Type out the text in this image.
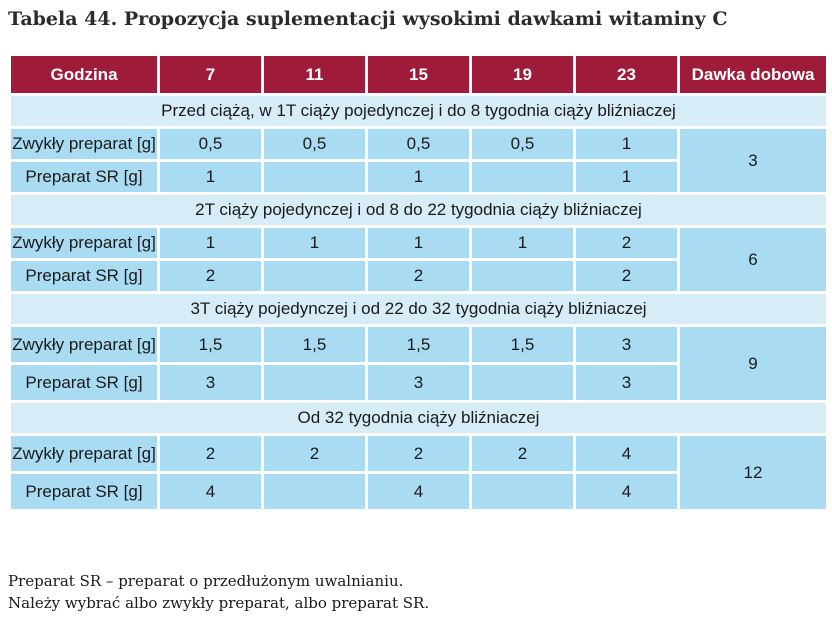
Tabela 44. Propozycja suplementacji wysokimi dawkami witaminy C
Godzina	7	11	15	19	23	Dawka dobowa
Przed ciążą, w 1T ciąży pojedynczej i do 8 tygodnia ciąży bliźniaczej						
Zwykły preparat [g]	0,5	0,5	0,5	0,5	1	3
Preparat SR [g]	1		1		1	
2T ciąży pojedynczej i od 8 do 22 tygodnia ciąży bliźniaczej						
Zwykły preparat [g]	1	1	1	1	2	6
Preparat SR [g]	2		2		2	
3T ciąży pojedynczej i od 22 do 32 tygodnia ciąży bliźniaczej						
Zwykły preparat [g]	1,5	1,5	1,5	1,5	3	9
Preparat SR [g]	3		3		3	
Od 32 tygodnia ciąży bliźniaczej						
Zwykły preparat [g]	2	2	2	2	4	12
Preparat SR [g]	4		4		4	
Preparat SR – preparat o przedłużonym uwalnianiu.
Należy wybrać albo zwykły preparat, albo preparat SR.
